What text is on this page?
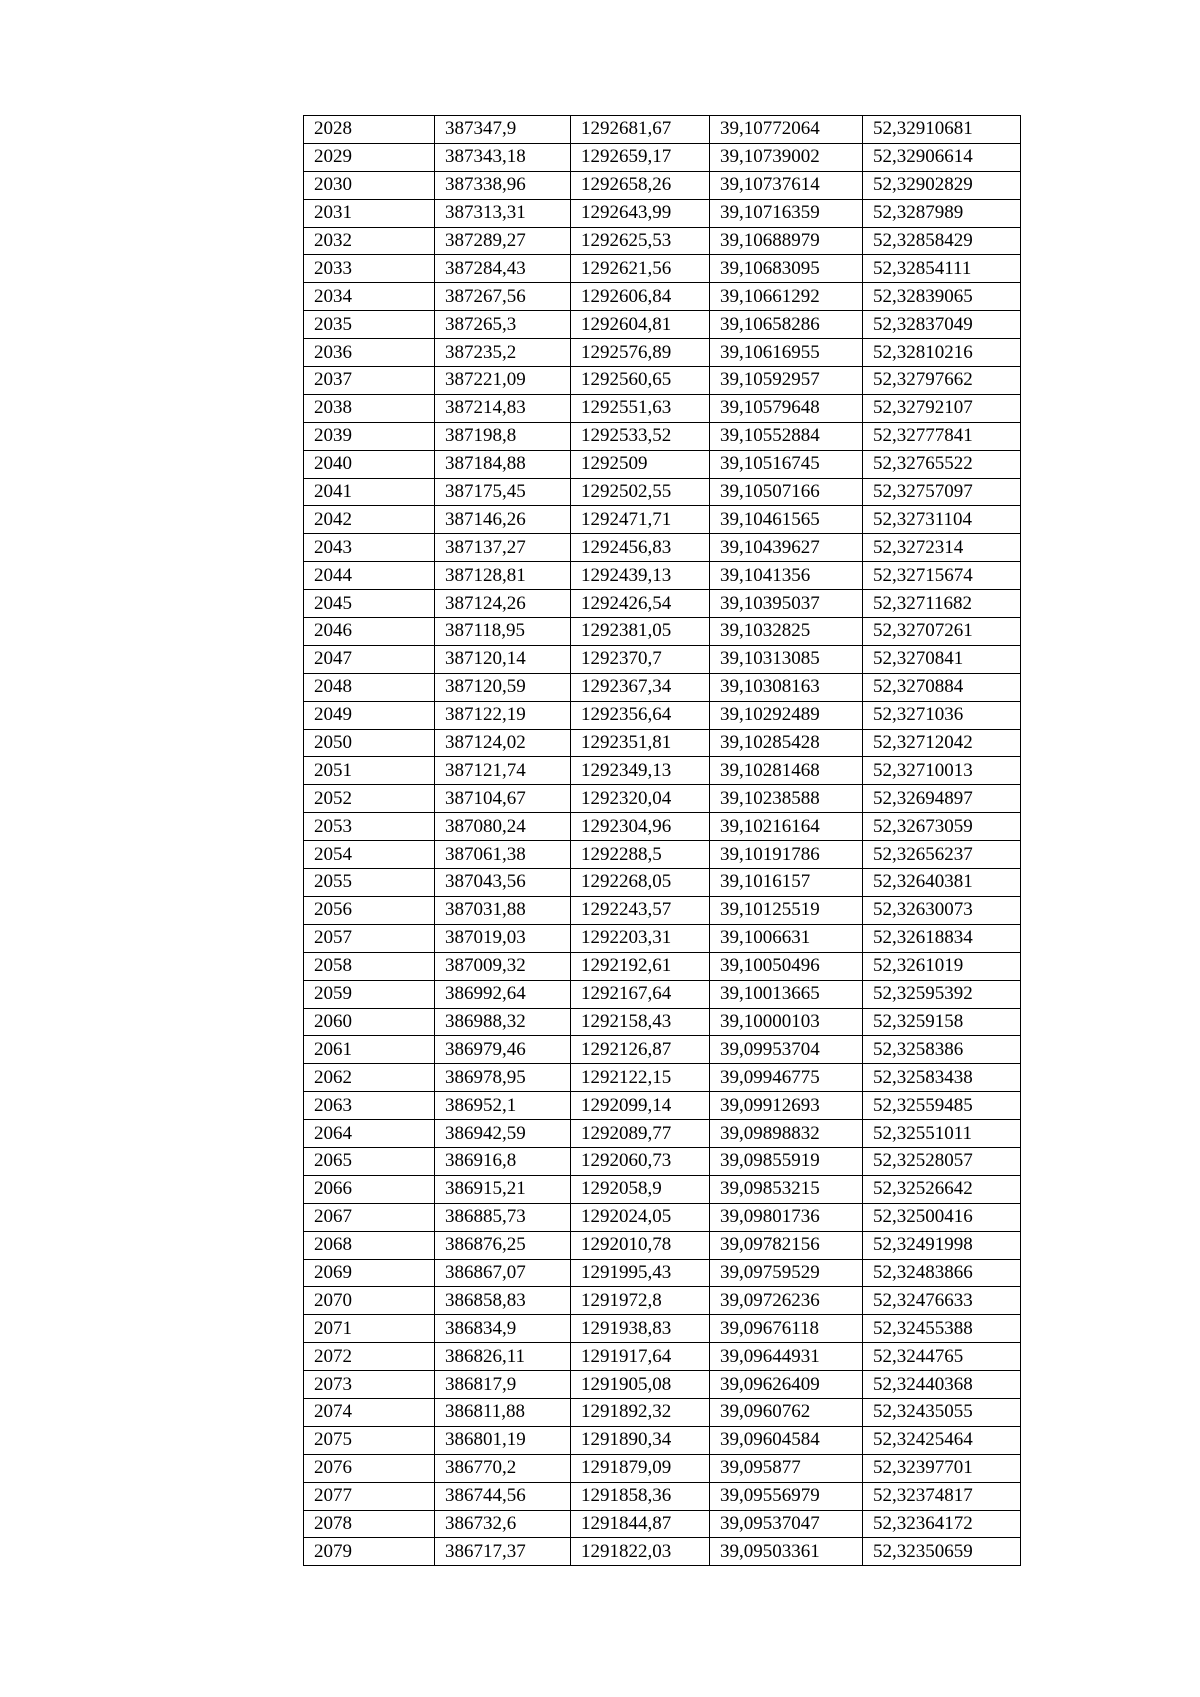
2028	387347,9	1292681,67	39,10772064	52,32910681
2029	387343,18	1292659,17	39,10739002	52,32906614
2030	387338,96	1292658,26	39,10737614	52,32902829
2031	387313,31	1292643,99	39,10716359	52,3287989
2032	387289,27	1292625,53	39,10688979	52,32858429
2033	387284,43	1292621,56	39,10683095	52,32854111
2034	387267,56	1292606,84	39,10661292	52,32839065
2035	387265,3	1292604,81	39,10658286	52,32837049
2036	387235,2	1292576,89	39,10616955	52,32810216
2037	387221,09	1292560,65	39,10592957	52,32797662
2038	387214,83	1292551,63	39,10579648	52,32792107
2039	387198,8	1292533,52	39,10552884	52,32777841
2040	387184,88	1292509	39,10516745	52,32765522
2041	387175,45	1292502,55	39,10507166	52,32757097
2042	387146,26	1292471,71	39,10461565	52,32731104
2043	387137,27	1292456,83	39,10439627	52,3272314
2044	387128,81	1292439,13	39,1041356	52,32715674
2045	387124,26	1292426,54	39,10395037	52,32711682
2046	387118,95	1292381,05	39,1032825	52,32707261
2047	387120,14	1292370,7	39,10313085	52,3270841
2048	387120,59	1292367,34	39,10308163	52,3270884
2049	387122,19	1292356,64	39,10292489	52,3271036
2050	387124,02	1292351,81	39,10285428	52,32712042
2051	387121,74	1292349,13	39,10281468	52,32710013
2052	387104,67	1292320,04	39,10238588	52,32694897
2053	387080,24	1292304,96	39,10216164	52,32673059
2054	387061,38	1292288,5	39,10191786	52,32656237
2055	387043,56	1292268,05	39,1016157	52,32640381
2056	387031,88	1292243,57	39,10125519	52,32630073
2057	387019,03	1292203,31	39,1006631	52,32618834
2058	387009,32	1292192,61	39,10050496	52,3261019
2059	386992,64	1292167,64	39,10013665	52,32595392
2060	386988,32	1292158,43	39,10000103	52,3259158
2061	386979,46	1292126,87	39,09953704	52,3258386
2062	386978,95	1292122,15	39,09946775	52,32583438
2063	386952,1	1292099,14	39,09912693	52,32559485
2064	386942,59	1292089,77	39,09898832	52,32551011
2065	386916,8	1292060,73	39,09855919	52,32528057
2066	386915,21	1292058,9	39,09853215	52,32526642
2067	386885,73	1292024,05	39,09801736	52,32500416
2068	386876,25	1292010,78	39,09782156	52,32491998
2069	386867,07	1291995,43	39,09759529	52,32483866
2070	386858,83	1291972,8	39,09726236	52,32476633
2071	386834,9	1291938,83	39,09676118	52,32455388
2072	386826,11	1291917,64	39,09644931	52,3244765
2073	386817,9	1291905,08	39,09626409	52,32440368
2074	386811,88	1291892,32	39,0960762	52,32435055
2075	386801,19	1291890,34	39,09604584	52,32425464
2076	386770,2	1291879,09	39,095877	52,32397701
2077	386744,56	1291858,36	39,09556979	52,32374817
2078	386732,6	1291844,87	39,09537047	52,32364172
2079	386717,37	1291822,03	39,09503361	52,32350659
